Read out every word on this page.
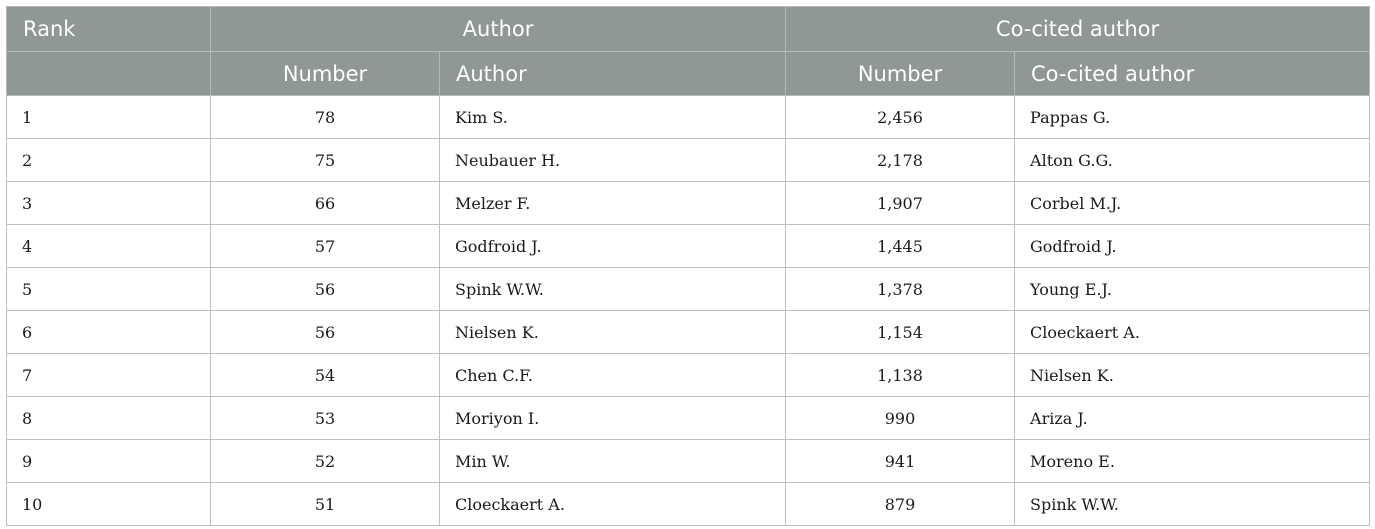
Rank	Author		Co-cited author	
	Number	Author	Number	Co-cited author
1	78	Kim S.	2,456	Pappas G.
2	75	Neubauer H.	2,178	Alton G.G.
3	66	Melzer F.	1,907	Corbel M.J.
4	57	Godfroid J.	1,445	Godfroid J.
5	56	Spink W.W.	1,378	Young E.J.
6	56	Nielsen K.	1,154	Cloeckaert A.
7	54	Chen C.F.	1,138	Nielsen K.
8	53	Moriyon I.	990	Ariza J.
9	52	Min W.	941	Moreno E.
10	51	Cloeckaert A.	879	Spink W.W.
